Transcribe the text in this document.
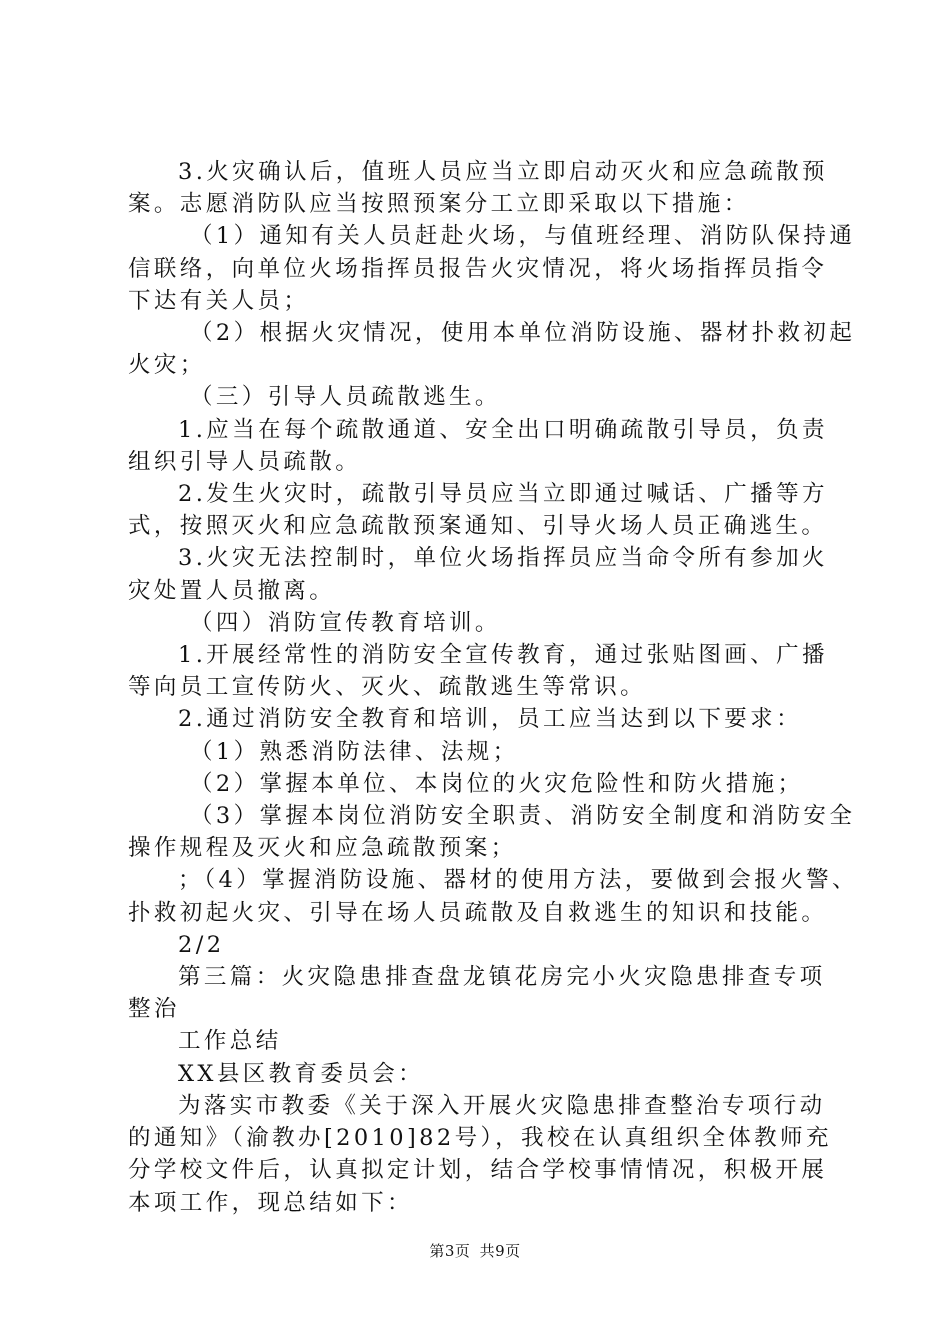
3.火灾确认后，值班人员应当立即启动灭火和应急疏散预

案。志愿消防队应当按照预案分工立即采取以下措施：

（1）通知有关人员赶赴火场，与值班经理、消防队保持通

信联络，向单位火场指挥员报告火灾情况，将火场指挥员指令

下达有关人员；

（2）根据火灾情况，使用本单位消防设施、器材扑救初起

火灾；

（三）引导人员疏散逃生。

1.应当在每个疏散通道、安全出口明确疏散引导员，负责

组织引导人员疏散。

2.发生火灾时，疏散引导员应当立即通过喊话、广播等方

式，按照灭火和应急疏散预案通知、引导火场人员正确逃生。

3.火灾无法控制时，单位火场指挥员应当命令所有参加火

灾处置人员撤离。

（四）消防宣传教育培训。

1.开展经常性的消防安全宣传教育，通过张贴图画、广播

等向员工宣传防火、灭火、疏散逃生等常识。

2.通过消防安全教育和培训，员工应当达到以下要求：

（1）熟悉消防法律、法规；

（2）掌握本单位、本岗位的火灾危险性和防火措施；

（3）掌握本岗位消防安全职责、消防安全制度和消防安全

操作规程及灭火和应急疏散预案；

；（4）掌握消防设施、器材的使用方法，要做到会报火警、

扑救初起火灾、引导在场人员疏散及自救逃生的知识和技能。

2/2

第三篇：火灾隐患排查盘龙镇花房完小火灾隐患排查专项

整治

工作总结

XX县区教育委员会：

为落实市教委《关于深入开展火灾隐患排查整治专项行动

的通知》（渝教办[2010]82号），我校在认真组织全体教师充

分学校文件后，认真拟定计划，结合学校事情情况，积极开展

本项工作，现总结如下：

第3页 共9页
